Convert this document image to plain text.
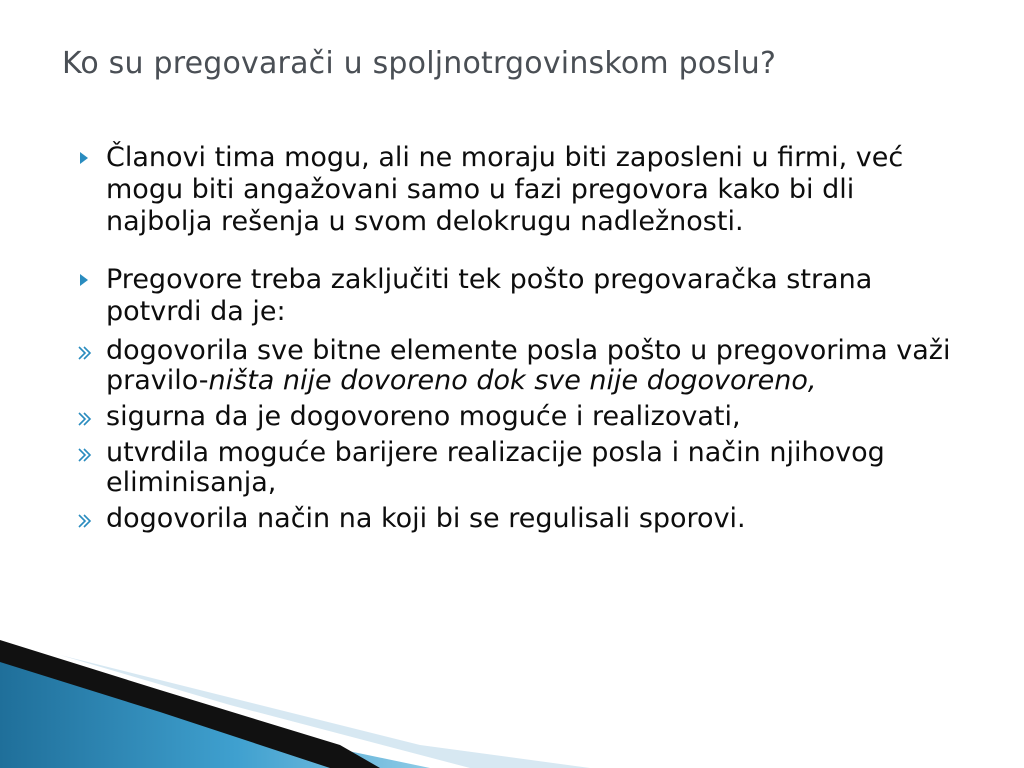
Ko su pregovarači u spoljnotrgovinskom poslu?
Članovi tima mogu, ali ne moraju biti zaposleni u firmi, već mogu biti angažovani samo u fazi pregovora kako bi dli najbolja rešenja u svom delokrugu nadležnosti.
Pregovore treba zaključiti tek pošto pregovaračka strana potvrdi da je:
dogovorila sve bitne elemente posla pošto u pregovorima važi pravilo-ništa nije dovoreno dok sve nije dogovoreno,
sigurna da je dogovoreno moguće i realizovati,
utvrdila moguće barijere realizacije posla i način njihovog eliminisanja,
dogovorila način na koji bi se regulisali sporovi.
